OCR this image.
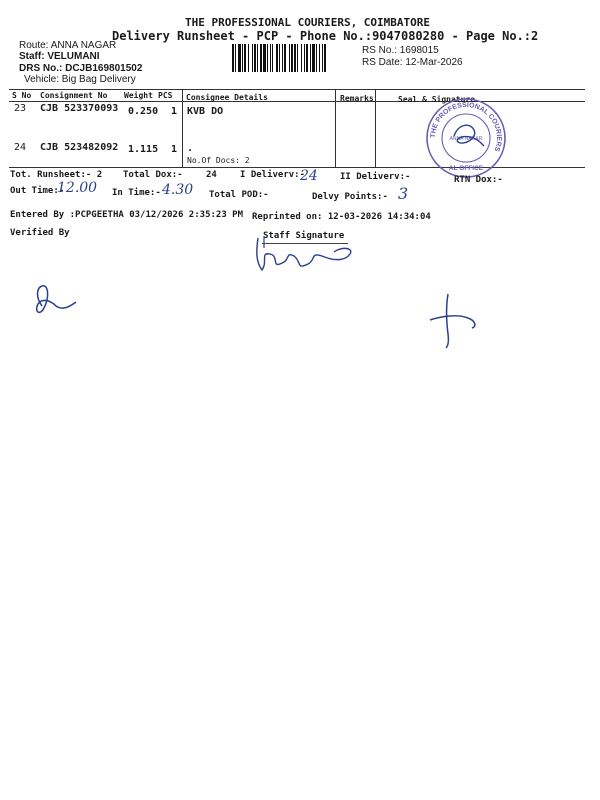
THE PROFESSIONAL COURIERS, COIMBATORE
Delivery Runsheet - PCP - Phone No.:9047080280 - Page No.:2
Route: ANNA NAGAR
Staff: VELUMANI
DRS No.: DCJB169801502
Vehicle: Big Bag Delivery
RS No.: 1698015
RS Date: 12-Mar-2026
S No Consignment No Weight PCS Consignee Details	Remarks	Seal & Signature
23 CJB 523370093 0.250 1 KVB DO
24 CJB 523482092 1.115 1 .
No.Of Docs: 2
THE PROFESSIONAL COURIERS
AL OFFICE
ANNA NAGAR
Tot. Runsheet:- 2 Total Dox:-	24	I Deliverv:-
24 II Deliverv:-	RTN Dox:-
Out Time:-
12.00 In Time:- 4.30 Total POD:-	Delvy Points:- 3
Entered By :PCPGEETHA 03/12/2026 2:35:23 PM Reprinted on: 12-03-2026 14:34:04
Verified By	Staff Signature
